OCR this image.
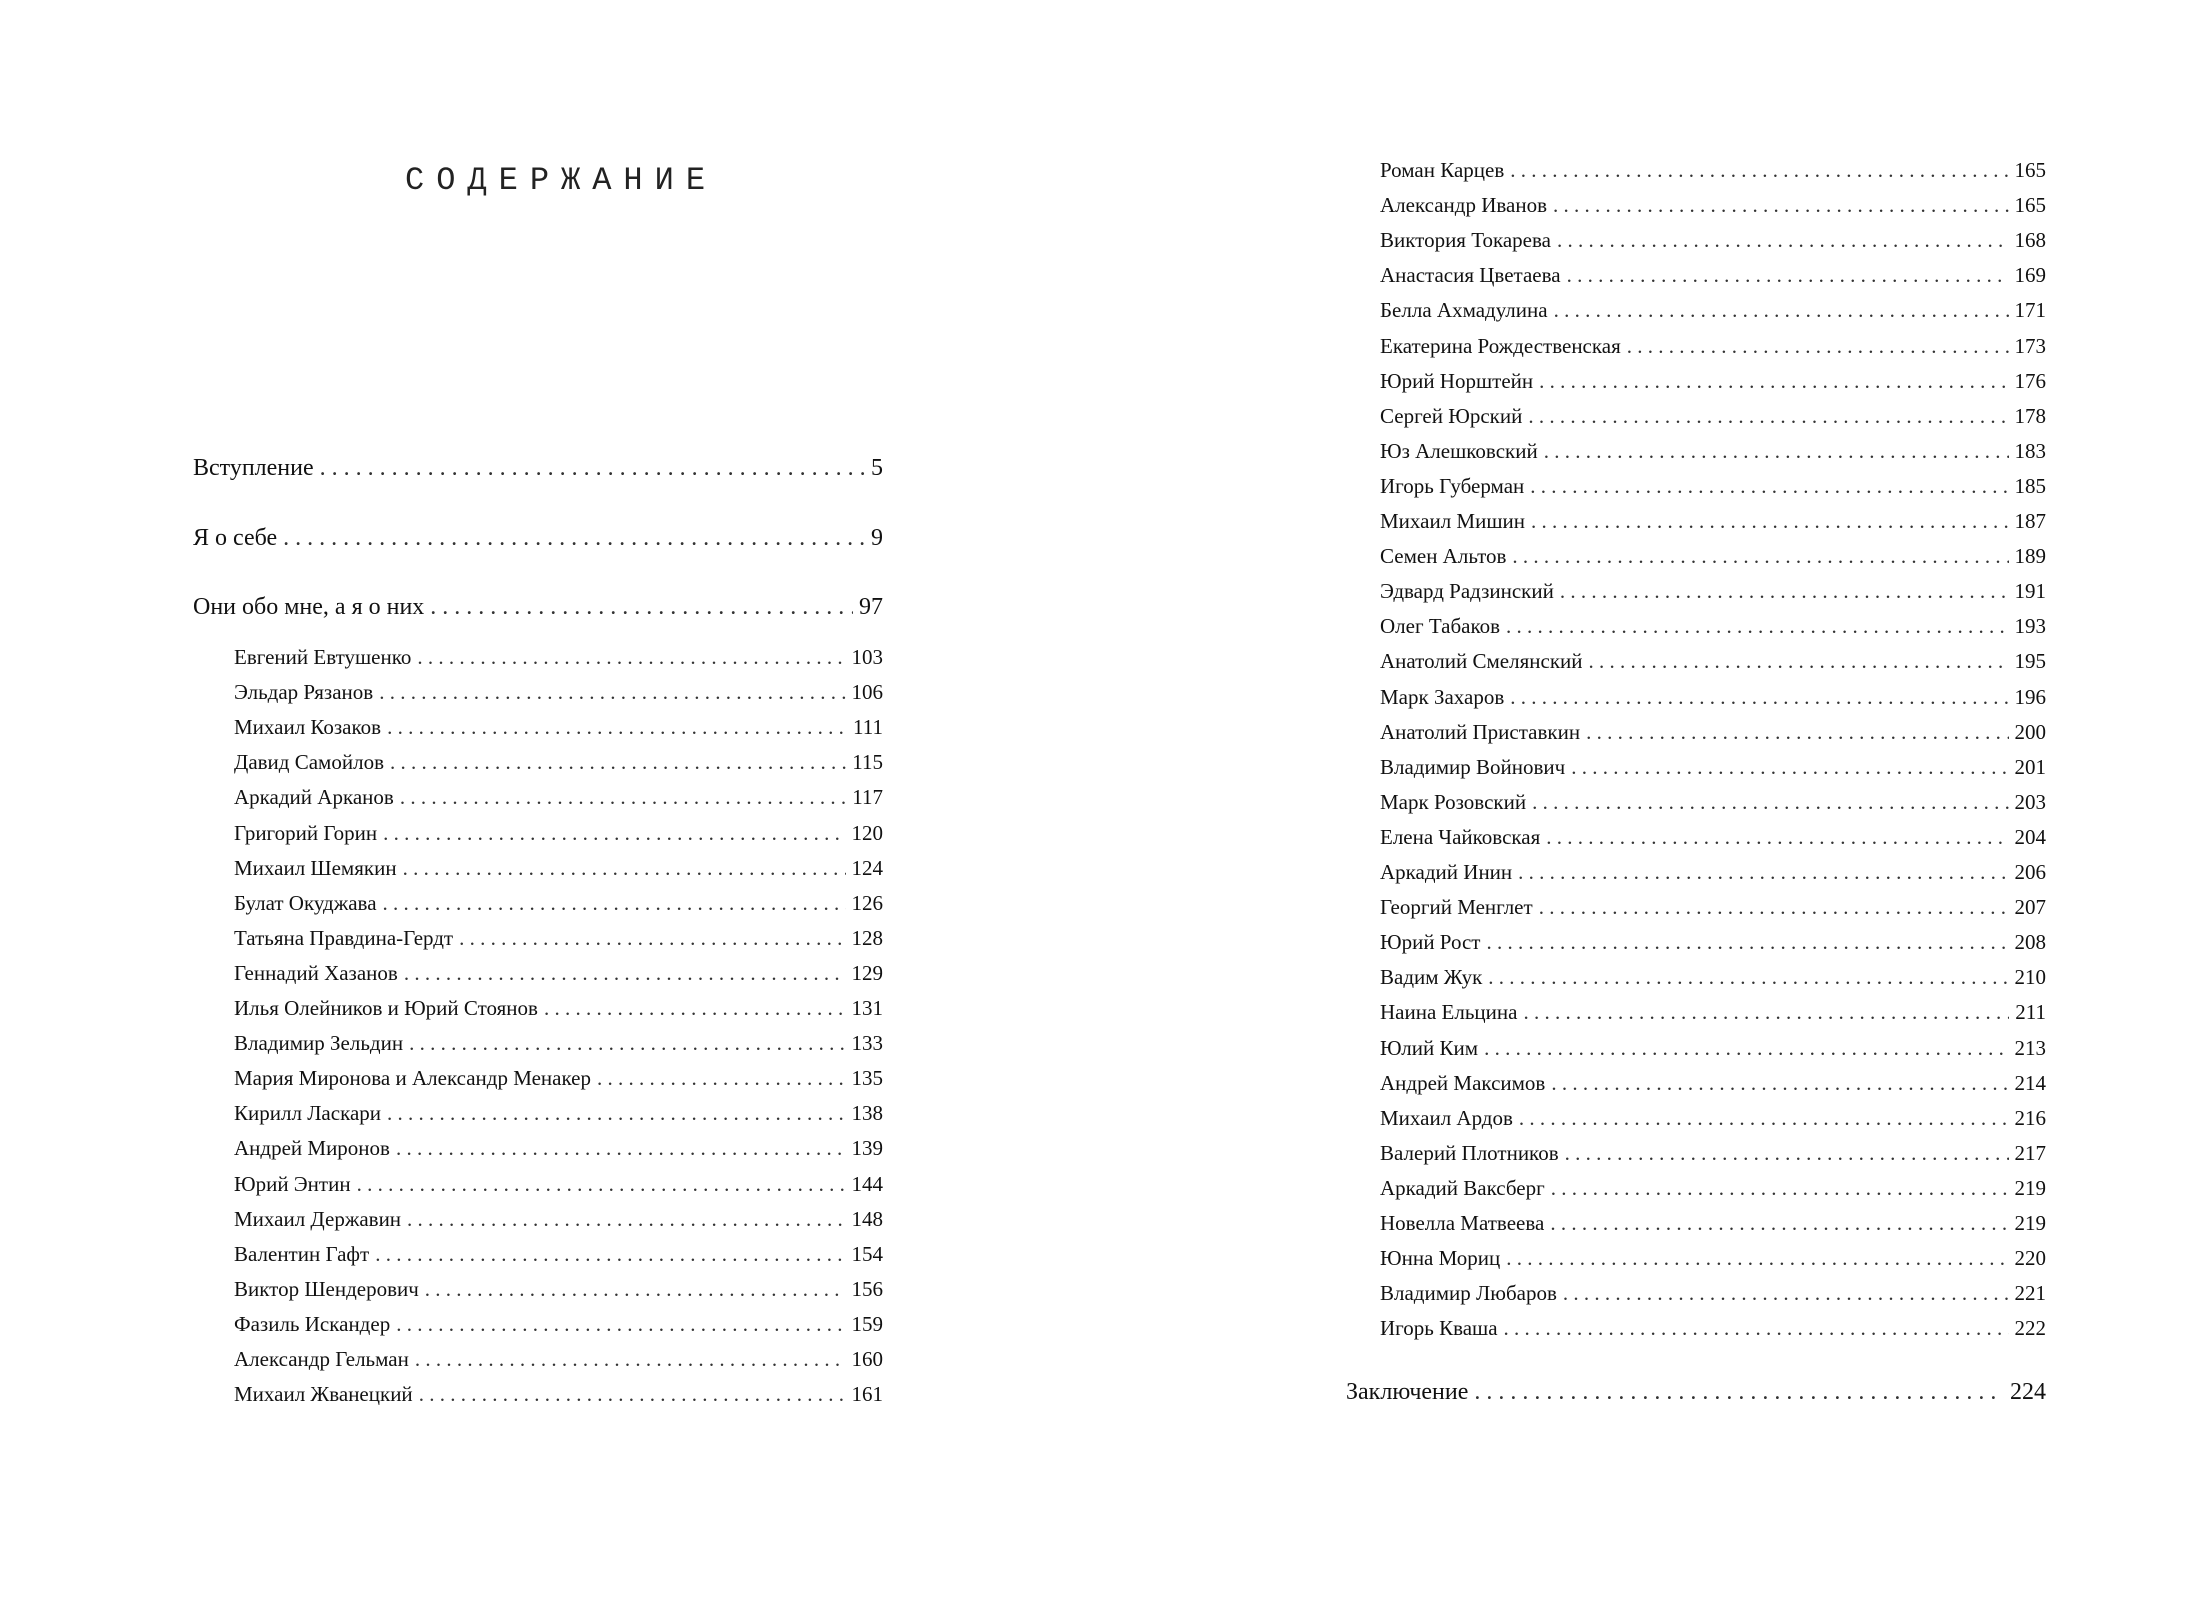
СОДЕРЖАНИЕ
Вступление . . .	5
Я о себе . . .	9
Они обо мне, а я о них . . .	97
Евгений Евтушенко . . .	103
Эльдар Рязанов . . .	106
Михаил Козаков . . .	111
Давид Самойлов . . .	115
Аркадий Арканов . . .	117
Григорий Горин . . .	120
Михаил Шемякин . . .	124
Булат Окуджава . . .	126
Татьяна Правдина-Гердт . . .	128
Геннадий Хазанов . . .	129
Илья Олейников и Юрий Стоянов . . .	131
Владимир Зельдин . . .	133
Мария Миронова и Александр Менакер . . .	135
Кирилл Ласкари . . .	138
Андрей Миронов . . .	139
Юрий Энтин . . .	144
Михаил Державин . . .	148
Валентин Гафт . . .	154
Виктор Шендерович . . .	156
Фазиль Искандер . . .	159
Александр Гельман . . .	160
Михаил Жванецкий . . .	161
Роман Карцев . . .	165
Александр Иванов . . .	165
Виктория Токарева . . .	168
Анастасия Цветаева . . .	169
Белла Ахмадулина . . .	171
Екатерина Рождественская . . .	173
Юрий Норштейн . . .	176
Сергей Юрский . . .	178
Юз Алешковский . . .	183
Игорь Губерман . . .	185
Михаил Мишин . . .	187
Семен Альтов . . .	189
Эдвард Радзинский . . .	191
Олег Табаков . . .	193
Анатолий Смелянский . . .	195
Марк Захаров . . .	196
Анатолий Приставкин . . .	200
Владимир Войнович . . .	201
Марк Розовский . . .	203
Елена Чайковская . . .	204
Аркадий Инин . . .	206
Георгий Менглет . . .	207
Юрий Рост . . .	208
Вадим Жук . . .	210
Наина Ельцина . . .	211
Юлий Ким . . .	213
Андрей Максимов . . .	214
Михаил Ардов . . .	216
Валерий Плотников . . .	217
Аркадий Ваксберг . . .	219
Новелла Матвеева . . .	219
Юнна Мориц . . .	220
Владимир Любаров . . .	221
Игорь Кваша . . .	222
Заключение . . .	224
